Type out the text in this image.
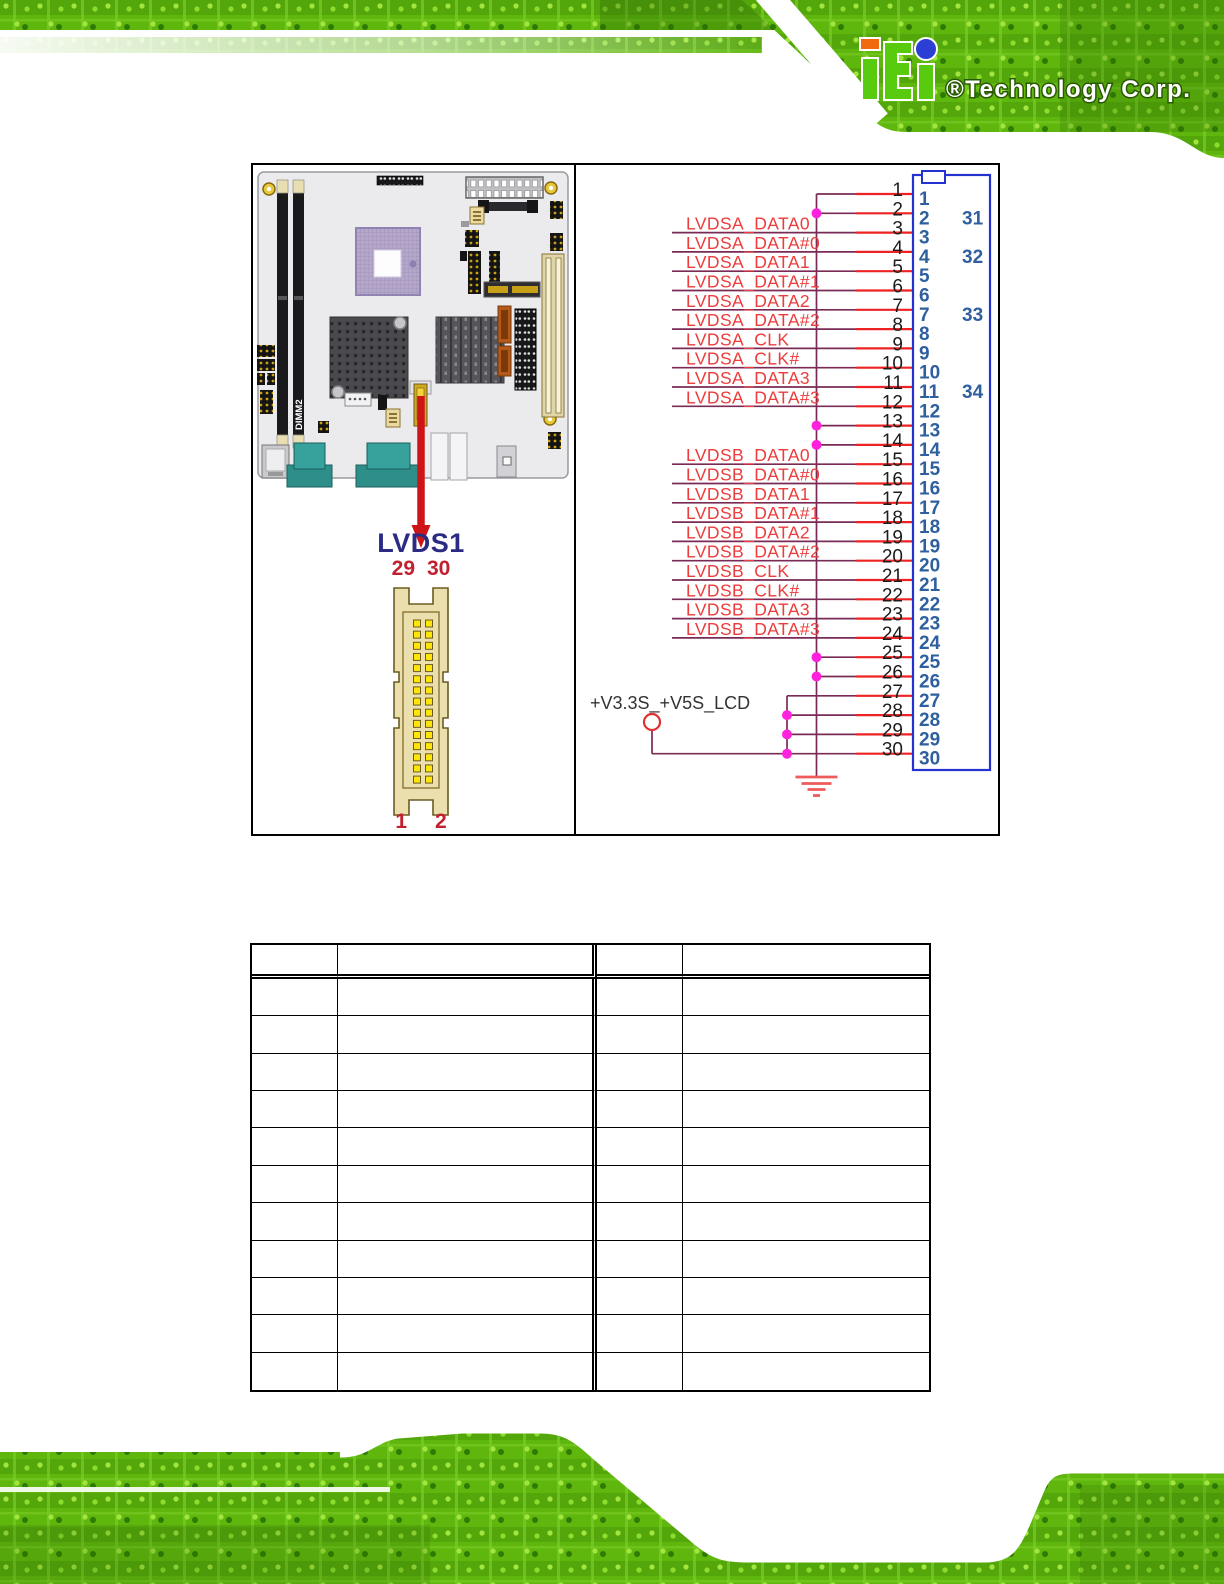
®Technology Corp.
DIMM2
LVDS1
29 30
1 2
+V3.3S_+V5S_LCD
1 1
2 2
LVDSA_DATA0	3 3
LVDSA_DATA#0	4 4
LVDSA_DATA1	5 5
LVDSA_DATA#1	6 6
LVDSA_DATA2	7 7
LVDSA_DATA#2	8 8
LVDSA_CLK	9 9
LVDSA_CLK#	10 10
LVDSA_DATA3	11 11
LVDSA_DATA#3	12 12
13 13
14 14
LVDSB_DATA0	15 15
LVDSB_DATA#0	16 16
LVDSB_DATA1	17 17
LVDSB_DATA#1	18 18
LVDSB_DATA2	19 19
LVDSB_DATA#2	20 20
LVDSB_CLK	21 21
LVDSB_CLK#	22 22
LVDSB_DATA3	23 23
LVDSB_DATA#3	24 24
25 25
26 26
27 27
28 28
29 29
30 30
31
32
33
34
